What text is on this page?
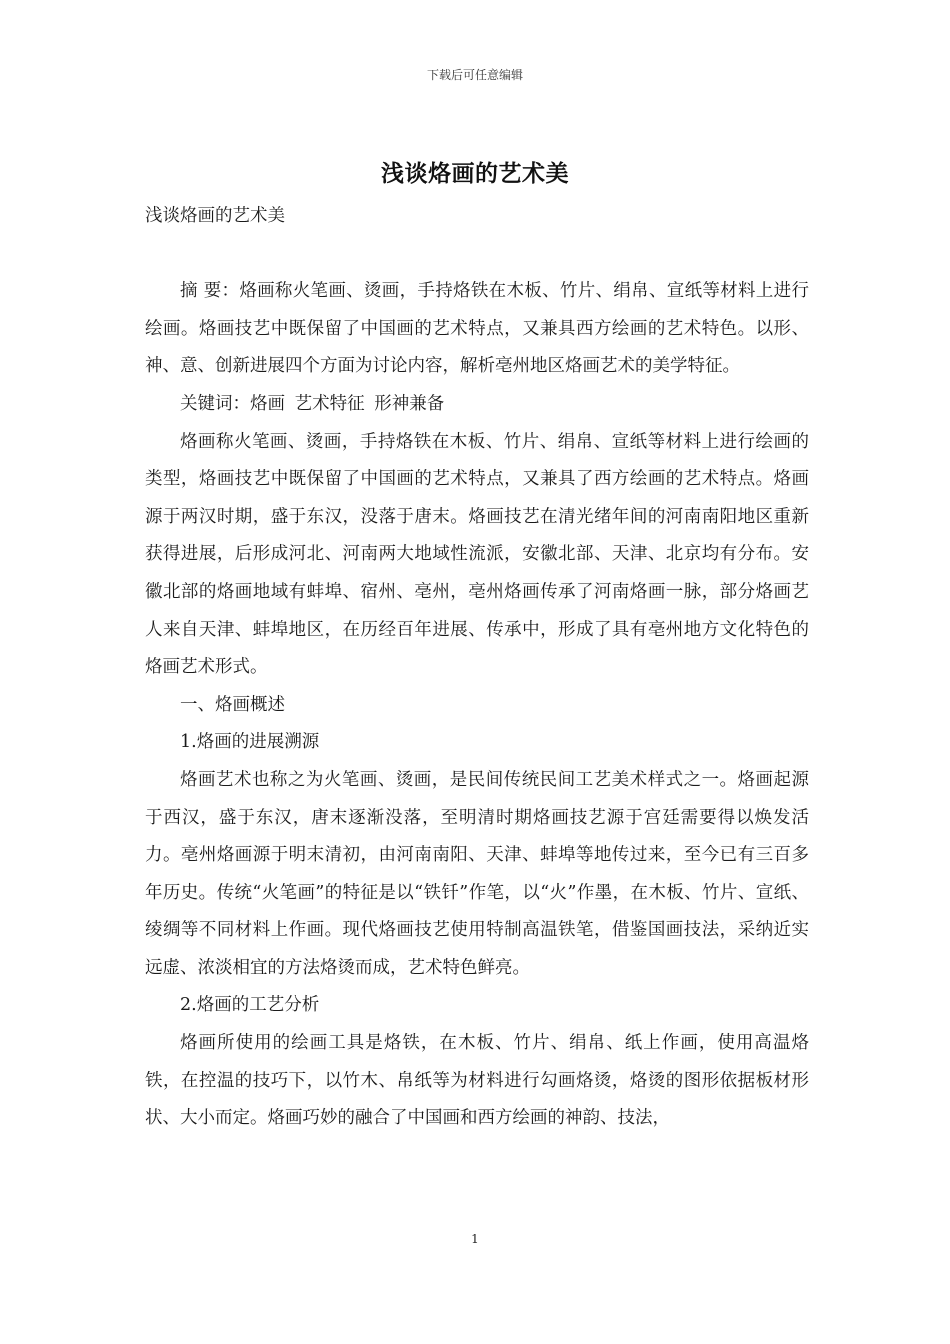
下载后可任意编辑
浅谈烙画的艺术美

浅谈烙画的艺术美

摘 要：烙画称火笔画、烫画，手持烙铁在木板、竹片、绢帛、宣纸等材料上进行绘画。烙画技艺中既保留了中国画的艺术特点，又兼具西方绘画的艺术特色。以形、神、意、创新进展四个方面为讨论内容，解析亳州地区烙画艺术的美学特征。

关键词：烙画 艺术特征 形神兼备

烙画称火笔画、烫画，手持烙铁在木板、竹片、绢帛、宣纸等材料上进行绘画的类型，烙画技艺中既保留了中国画的艺术特点，又兼具了西方绘画的艺术特点。烙画源于两汉时期，盛于东汉，没落于唐末。烙画技艺在清光绪年间的河南南阳地区重新获得进展，后形成河北、河南两大地域性流派，安徽北部、天津、北京均有分布。安徽北部的烙画地域有蚌埠、宿州、亳州，亳州烙画传承了河南烙画一脉，部分烙画艺人来自天津、蚌埠地区，在历经百年进展、传承中，形成了具有亳州地方文化特色的烙画艺术形式。

一、烙画概述

1.烙画的进展溯源

烙画艺术也称之为火笔画、烫画，是民间传统民间工艺美术样式之一。烙画起源于西汉，盛于东汉，唐末逐渐没落，至明清时期烙画技艺源于宫廷需要得以焕发活力。亳州烙画源于明末清初，由河南南阳、天津、蚌埠等地传过来，至今已有三百多年历史。传统“火笔画”的特征是以“铁钎”作笔，以“火”作墨，在木板、竹片、宣纸、绫绸等不同材料上作画。现代烙画技艺使用特制高温铁笔，借鉴国画技法，采纳近实远虚、浓淡相宜的方法烙烫而成，艺术特色鲜亮。

2.烙画的工艺分析

烙画所使用的绘画工具是烙铁，在木板、竹片、绢帛、纸上作画，使用高温烙铁，在控温的技巧下，以竹木、帛纸等为材料进行勾画烙烫，烙烫的图形依据板材形状、大小而定。烙画巧妙的融合了中国画和西方绘画的神韵、技法，

1
